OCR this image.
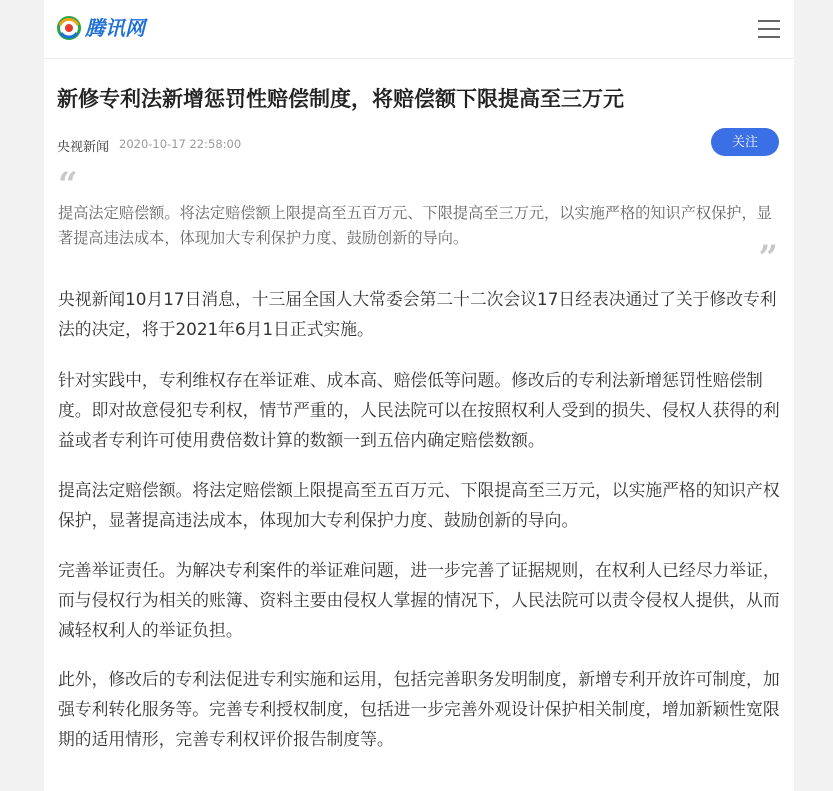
腾讯网
新修专利法新增惩罚性赔偿制度，将赔偿额下限提高至三万元
央视新闻 2020-10-17 22:58:00	关注
“
提高法定赔偿额。将法定赔偿额上限提高至五百万元、下限提高至三万元，以实施严格的知识产权保护，显著提高违法成本，体现加大专利保护力度、鼓励创新的导向。	”

央视新闻10月17日消息，十三届全国人大常委会第二十二次会议17日经表决通过了关于修改专利法的决定，将于2021年6月1日正式实施。

针对实践中，专利维权存在举证难、成本高、赔偿低等问题。修改后的专利法新增惩罚性赔偿制度。即对故意侵犯专利权，情节严重的，人民法院可以在按照权利人受到的损失、侵权人获得的利益或者专利许可使用费倍数计算的数额一到五倍内确定赔偿数额。

提高法定赔偿额。将法定赔偿额上限提高至五百万元、下限提高至三万元，以实施严格的知识产权保护，显著提高违法成本，体现加大专利保护力度、鼓励创新的导向。

完善举证责任。为解决专利案件的举证难问题，进一步完善了证据规则，在权利人已经尽力举证，而与侵权行为相关的账簿、资料主要由侵权人掌握的情况下，人民法院可以责令侵权人提供，从而减轻权利人的举证负担。

此外，修改后的专利法促进专利实施和运用，包括完善职务发明制度，新增专利开放许可制度，加强专利转化服务等。完善专利授权制度，包括进一步完善外观设计保护相关制度，增加新颖性宽限期的适用情形，完善专利权评价报告制度等。
